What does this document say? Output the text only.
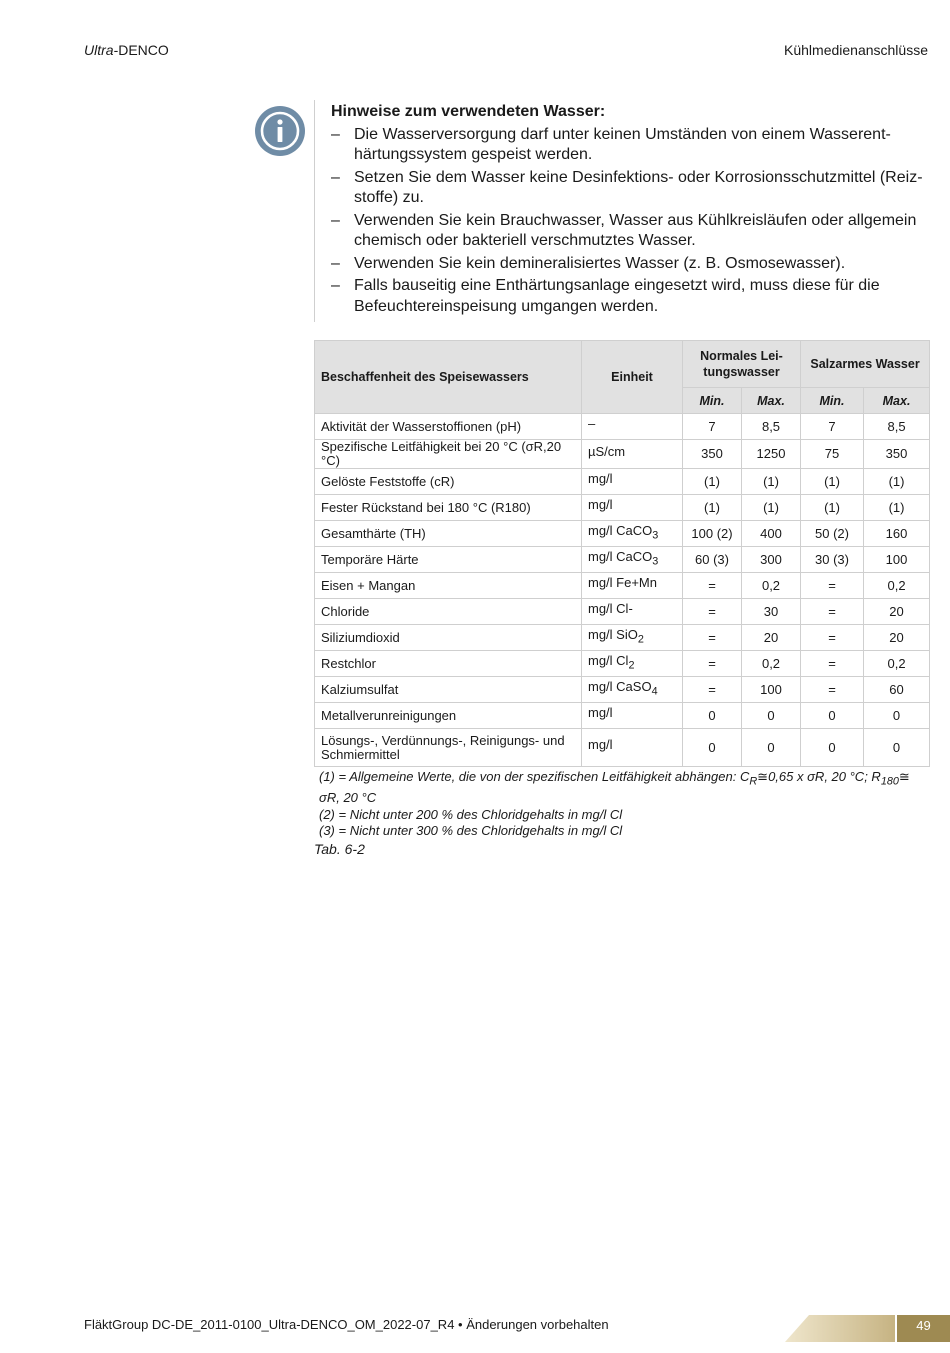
Ultra-DENCO	Kühlmedienanschlüsse
Hinweise zum verwendeten Wasser:
– Die Wasserversorgung darf unter keinen Umständen von einem Wasserenthärtungssystem gespeist werden.
– Setzen Sie dem Wasser keine Desinfektions- oder Korrosionsschutzmittel (Reizstoffe) zu.
– Verwenden Sie kein Brauchwasser, Wasser aus Kühlkreisläufen oder allgemein chemisch oder bakteriell verschmutztes Wasser.
– Verwenden Sie kein demineralisiertes Wasser (z. B. Osmosewasser).
– Falls bauseitig eine Enthärtungsanlage eingesetzt wird, muss diese für die Befeuchtereinspeisung umgangen werden.
Beschaffenheit des Speisewassers	Einheit	Normales Leitungswasser		Salzarmes Wasser	
		Min.	Max.	Min.	Max.
Aktivität der Wasserstoffionen (pH)	–	7	8,5	7	8,5
Spezifische Leitfähigkeit bei 20 °C (σR,20 °C)	µS/cm	350	1250	75	350
Gelöste Feststoffe (cR)	mg/l	(1)	(1)	(1)	(1)
Fester Rückstand bei 180 °C (R180)	mg/l	(1)	(1)	(1)	(1)
Gesamthärte (TH)	mg/l CaCO$_3$	100 (2)	400	50 (2)	160
Temporäre Härte	mg/l CaCO$_3$	60 (3)	300	30 (3)	100
Eisen + Mangan	mg/l Fe+Mn	=	0,2	=	0,2
Chloride	mg/l Cl-	=	30	=	20
Siliziumdioxid	mg/l SiO$_2$	=	20	=	20
Restchlor	mg/l $Cl_2$	=	0,2	=	0,2
Kalziumsulfat	mg/l CaSO$_4$	=	100	=	60
Metallverunreinigungen	mg/l	0	0	0	0
Lösungs-, Verdünnungs-, Reinigungs- und Schmiermittel	mg/l	0	0	0	0
(1) = Allgemeine Werte, die von der spezifischen Leitfähigkeit abhängen: $C_R≅0,65$ x σR, 20 °C; $R_{180}≅$ σR, 20 °C
(2) = Nicht unter 200 % des Chloridgehalts in mg/l Cl
(3) = Nicht unter 300 % des Chloridgehalts in mg/l Cl
Tab. 6-2
FläktGroup DC-DE_2011-0100_Ultra-DENCO_OM_2022-07_R4 • Änderungen vorbehalten	49
